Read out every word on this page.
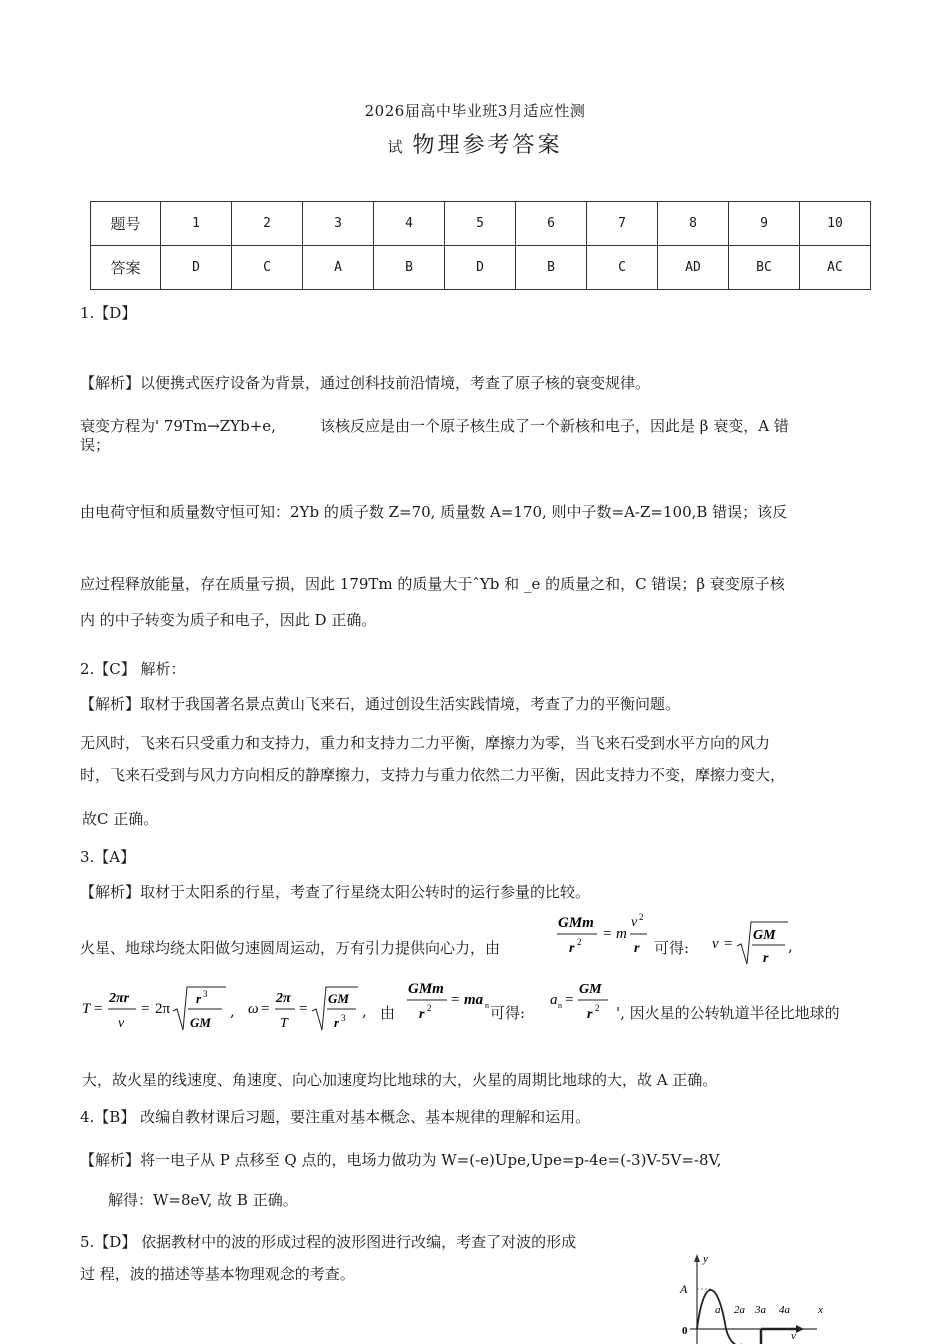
2026届高中毕业班3月适应性测
试 物理参考答案
题号	1	2	3	4	5	6	7	8	9	10
答案	D	C	A	B	D	B	C	AD	BC	AC
1.【D】
【解析】以便携式医疗设备为背景，通过创科技前沿情境，考查了原子核的衰变规律。
衰变方程为' 79Tm→ZYb+e,	该核反应是由一个原子核生成了一个新核和电子，因此是 β 衰变，A 错
误；
由电荷守恒和质量数守恒可知：2Yb 的质子数 Z=70, 质量数 A=170, 则中子数=A-Z=100,B 错误；该反
应过程释放能量，存在质量亏损，因此 179Tm 的质量大于ˆYb 和 _e 的质量之和，C 错误；β 衰变原子核
内 的中子转变为质子和电子，因此 D 正确。
2.【C】 解析：
【解析】取材于我国著名景点黄山飞来石，通过创设生活实践情境，考查了力的平衡问题。
无风时，飞来石只受重力和支持力，重力和支持力二力平衡，摩擦力为零，当飞来石受到水平方向的风力
时，飞来石受到与风力方向相反的静摩擦力，支持力与重力依然二力平衡，因此支持力不变，摩擦力变大，
故C 正确。
3.【A】
【解析】取材于太阳系的行星，考查了行星绕太阳公转时的运行参量的比较。
火星、地球均绕太阳做匀速圆周运动，万有引力提供向心力，由
GMm
r 2 = m
v 2
r 可得: v =
GM
r
,
T =
2πr
v
= 2π
r 3
GM
, ω =
2π
T
=
GM
r 3 , 由
GMm
r 2 = ma n 可得:
a n =
GM
r 2 ', 因火星的公转轨道半径比地球的
大，故火星的线速度、角速度、向心加速度均比地球的大，火星的周期比地球的大，故 A 正确。
4.【B】 改编自教材课后习题，要注重对基本概念、基本规律的理解和运用。
【解析】将一电子从 P 点移至 Q 点的，电场力做功为 W=(-e)Upe,Upe=p-4e=(-3)V-5V=-8V,
解得：W=8eV, 故 B 正确。
5.【D】 依据教材中的波的形成过程的波形图进行改编，考查了对波的形成
过 程，波的描述等基本物理观念的考查。
y
x
A
0
a 2a 3a 4a
v
